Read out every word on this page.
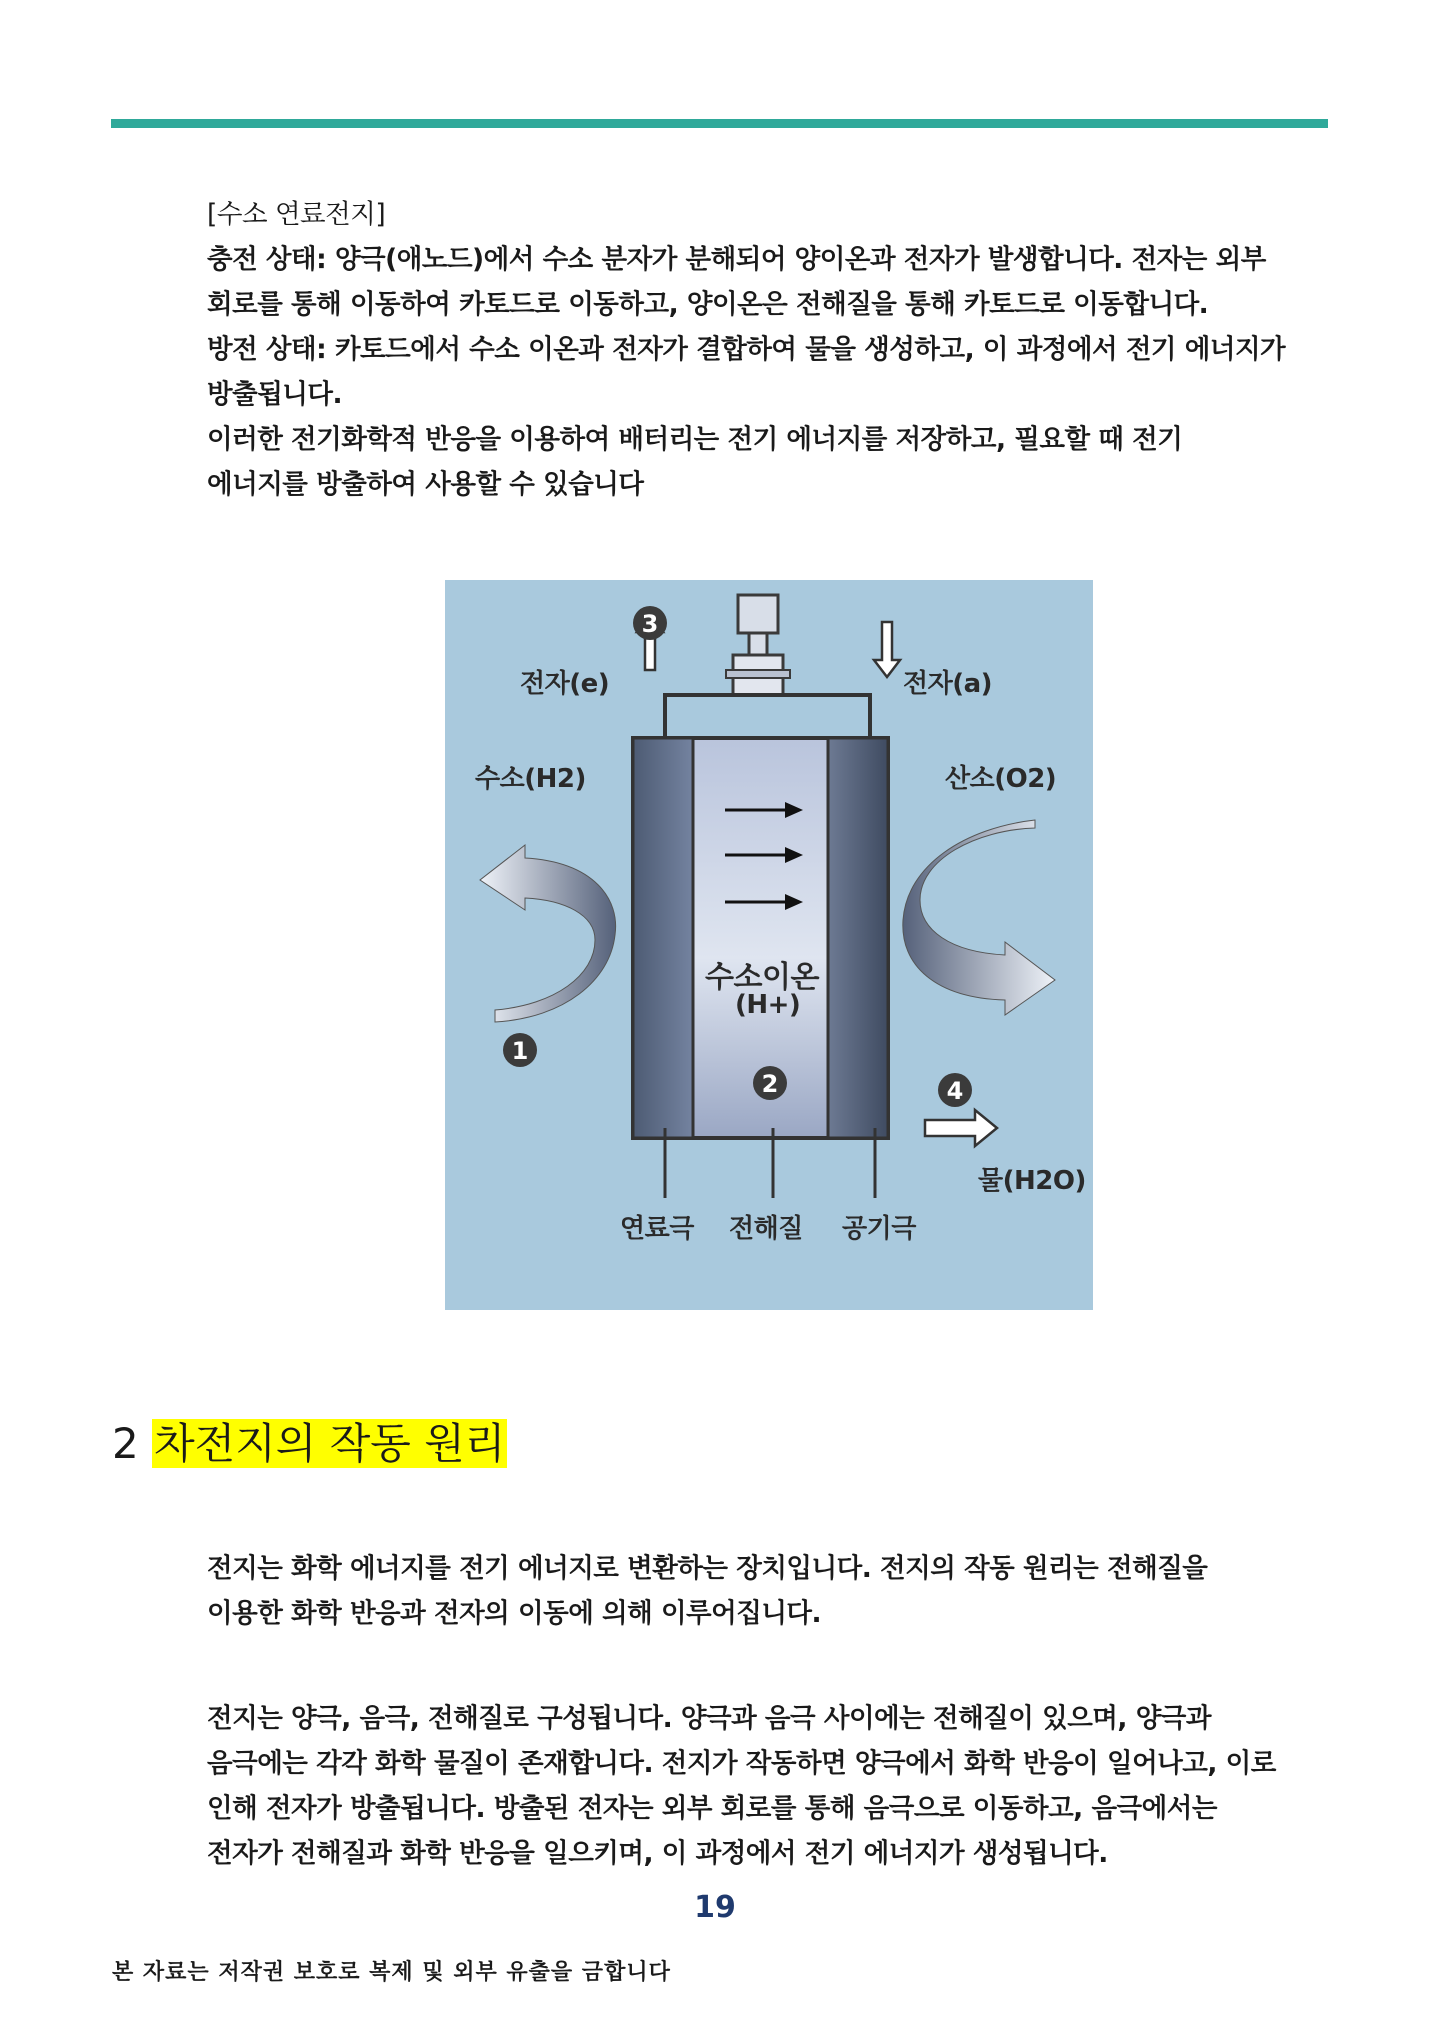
[수소 연료전지]
충전 상태: 양극(애노드)에서 수소 분자가 분해되어 양이온과 전자가 발생합니다. 전자는 외부
회로를 통해 이동하여 카토드로 이동하고, 양이온은 전해질을 통해 카토드로 이동합니다.
방전 상태: 카토드에서 수소 이온과 전자가 결합하여 물을 생성하고, 이 과정에서 전기 에너지가
방출됩니다.
이러한 전기화학적 반응을 이용하여 배터리는 전기 에너지를 저장하고, 필요할 때 전기
에너지를 방출하여 사용할 수 있습니다
3
1
2	4
전자(e)	전자(a)
수소(H2)	산소(O2)
수소이온
(H+)
물(H2O)
연료극 전해질 공기극
2 차전지의 작동 원리
전지는 화학 에너지를 전기 에너지로 변환하는 장치입니다. 전지의 작동 원리는 전해질을
이용한 화학 반응과 전자의 이동에 의해 이루어집니다.
전지는 양극, 음극, 전해질로 구성됩니다. 양극과 음극 사이에는 전해질이 있으며, 양극과
음극에는 각각 화학 물질이 존재합니다. 전지가 작동하면 양극에서 화학 반응이 일어나고, 이로
인해 전자가 방출됩니다. 방출된 전자는 외부 회로를 통해 음극으로 이동하고, 음극에서는
전자가 전해질과 화학 반응을 일으키며, 이 과정에서 전기 에너지가 생성됩니다.
19
본 자료는 저작권 보호로 복제 및 외부 유출을 금합니다
